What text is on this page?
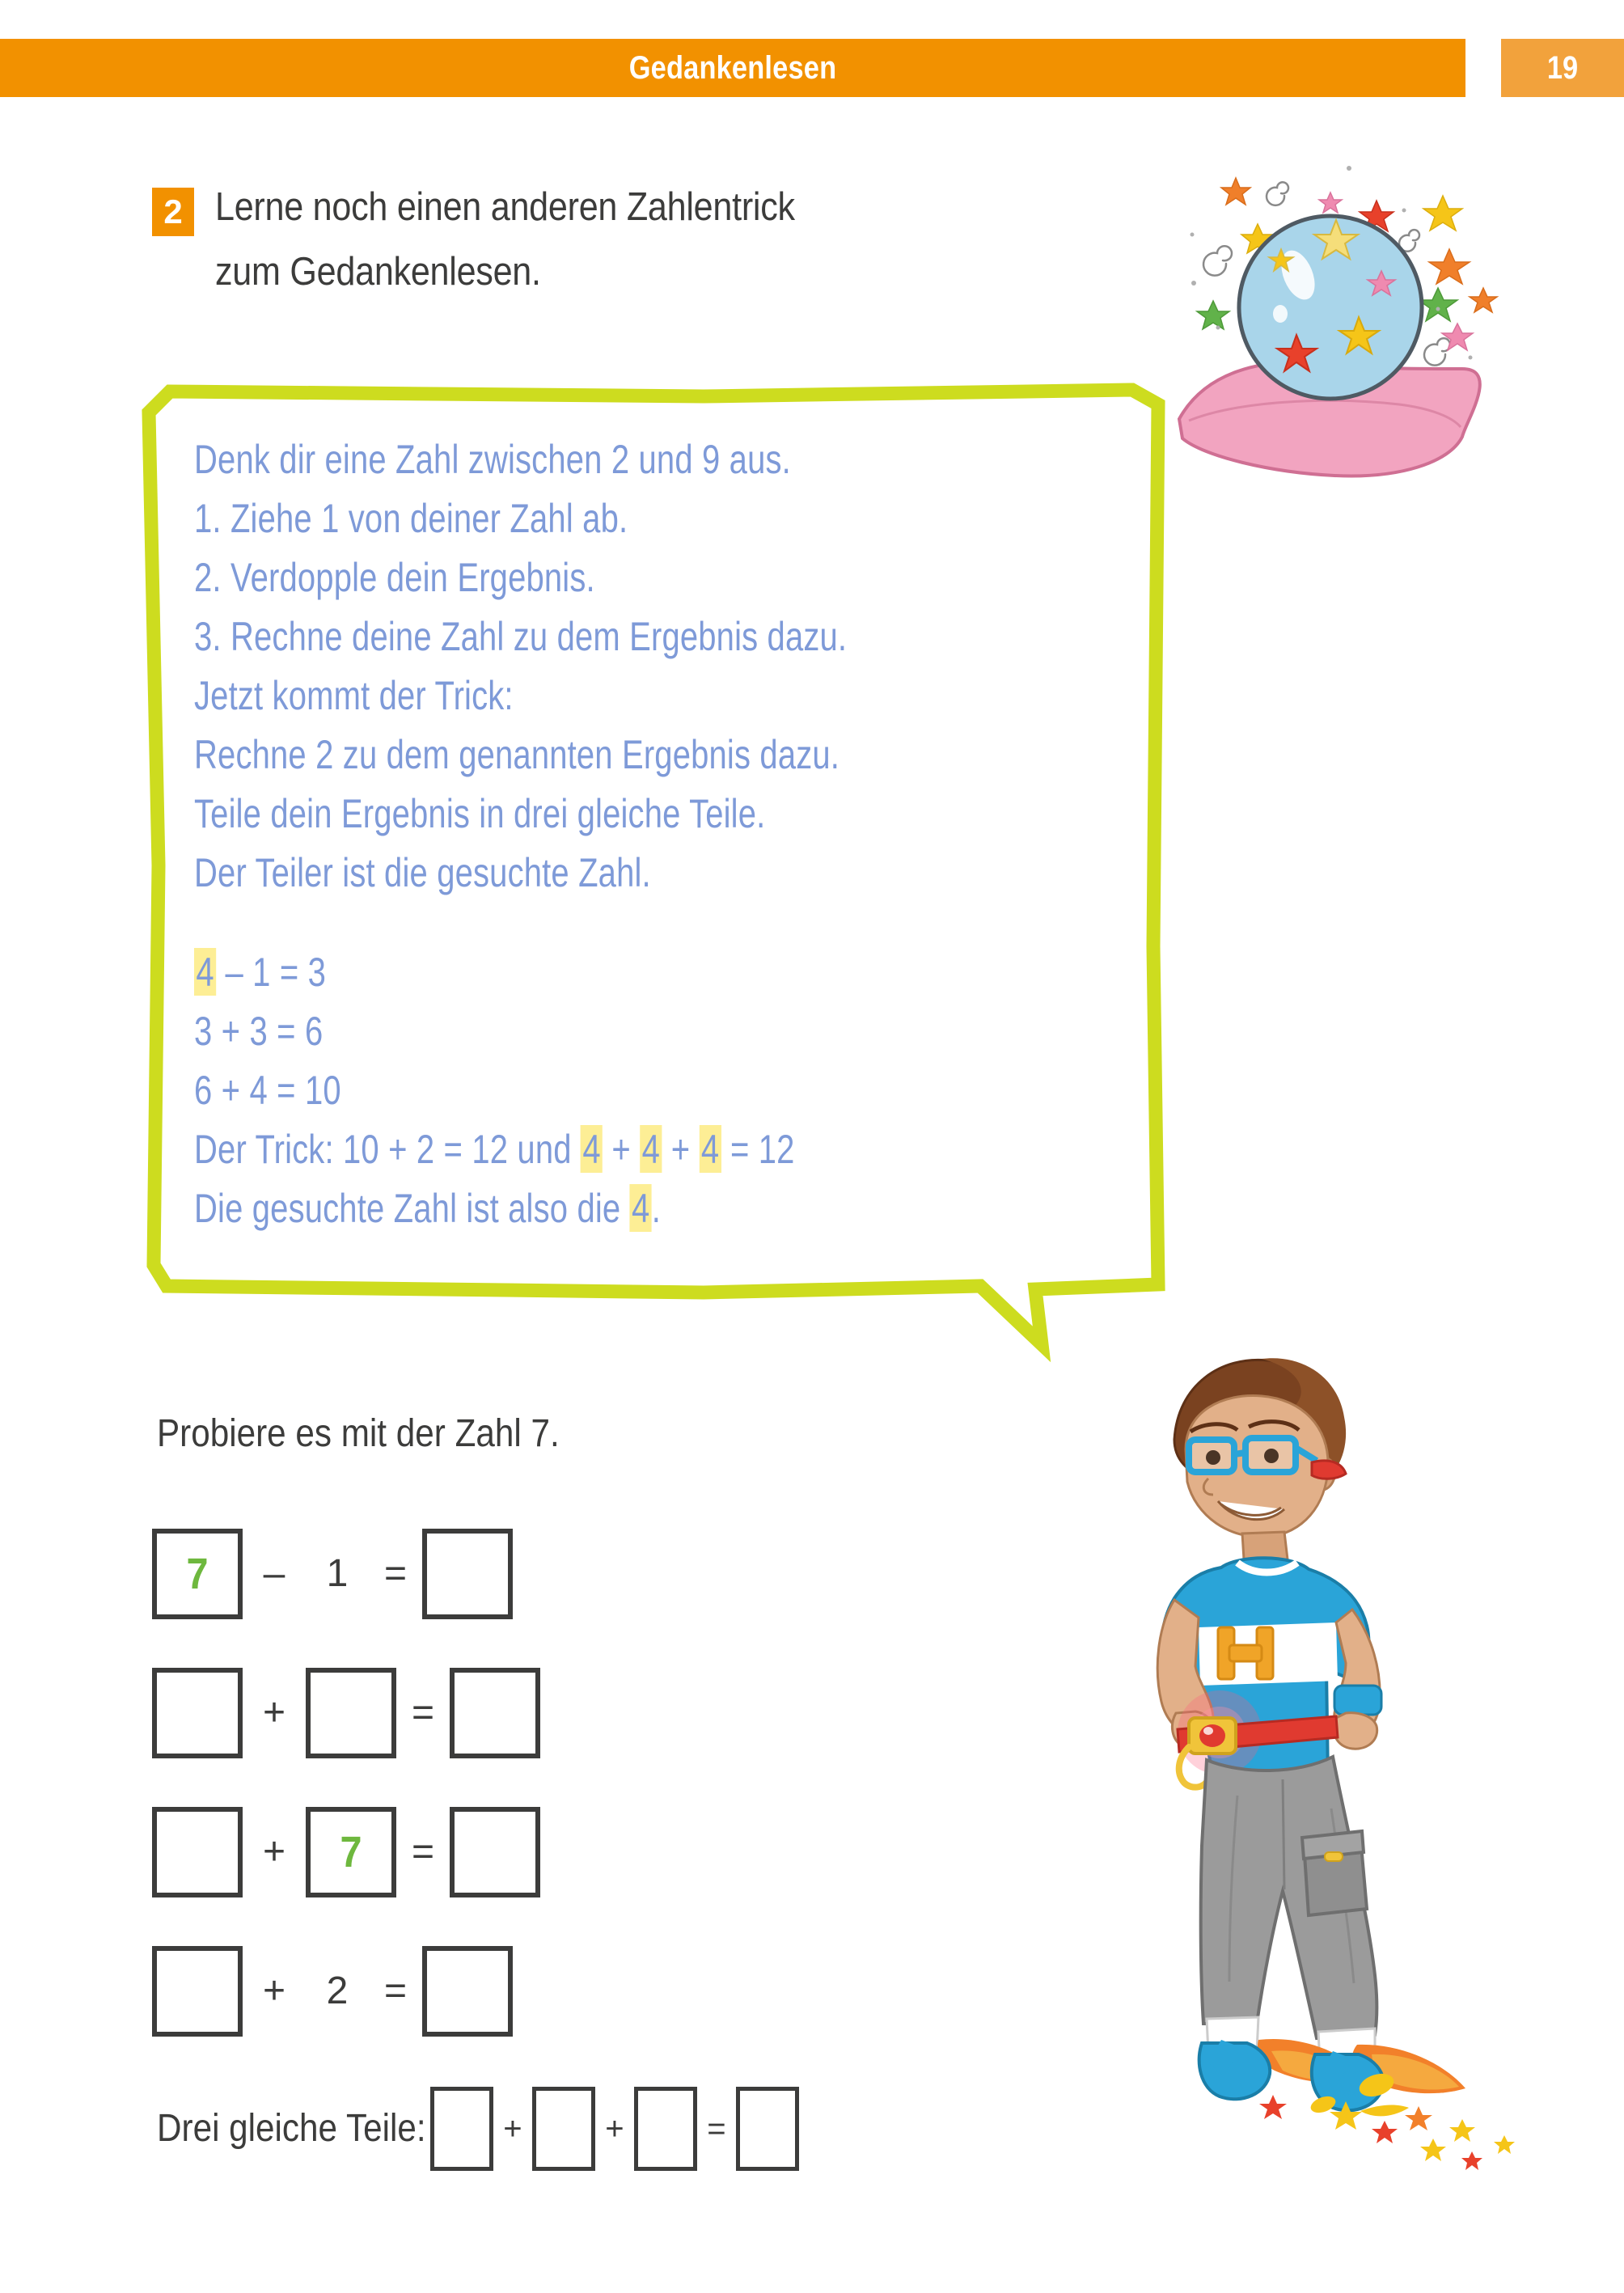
Gedankenlesen	19
2 Lerne noch einen anderen Zahlentrick
zum Gedankenlesen.
Denk dir eine Zahl zwischen 2 und 9 aus.
1. Ziehe 1 von deiner Zahl ab.
2. Verdopple dein Ergebnis.
3. Rechne deine Zahl zu dem Ergebnis dazu.
Jetzt kommt der Trick:
Rechne 2 zu dem genannten Ergebnis dazu.
Teile dein Ergebnis in drei gleiche Teile.
Der Teiler ist die gesuchte Zahl.
4 – 1 = 3
3 + 3 = 6
6 + 4 = 10
Der Trick: 10 + 2 = 12 und 4 + 4 + 4 = 12
Die gesuchte Zahl ist also die 4.
Probiere es mit der Zahl 7.
7	–	1 =
+	=
+	7	=
+	2 =
Drei gleiche Teile:	+	+	=
